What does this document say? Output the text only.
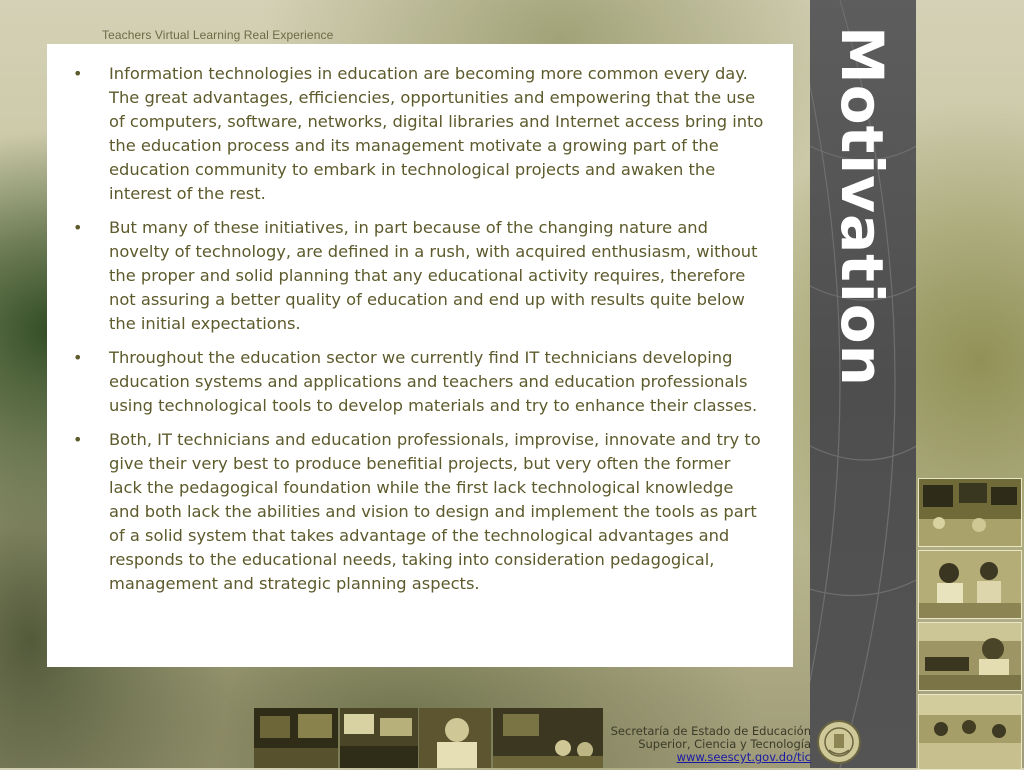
Teachers Virtual Learning Real Experience
• Information technologies in education are becoming more common every day. The great advantages, efficiencies, opportunities and empowering that the use of computers, software, networks, digital libraries and Internet access bring into the education process and its management motivate a growing part of the education community to embark in technological projects and awaken the interest of the rest.
• But many of these initiatives, in part because of the changing nature and novelty of technology, are defined in a rush, with acquired enthusiasm, without the proper and solid planning that any educational activity requires, therefore not assuring a better quality of education and end up with results quite below the initial expectations.
• Throughout the education sector we currently find IT technicians developing education systems and applications and teachers and education professionals using technological tools to develop materials and try to enhance their classes.
• Both, IT technicians and education professionals, improvise, innovate and try to give their very best to produce benefitial projects, but very often the former lack the pedagogical foundation while the first lack technological knowledge and both lack the abilities and vision to design and implement the tools as part of a solid system that takes advantage of the technological advantages and responds to the educational needs, taking into consideration pedagogical, management and strategic planning aspects.
Motivation
Secretaría de Estado de Educación
Superior, Ciencia y Tecnología
www.seescyt.gov.do/tic
